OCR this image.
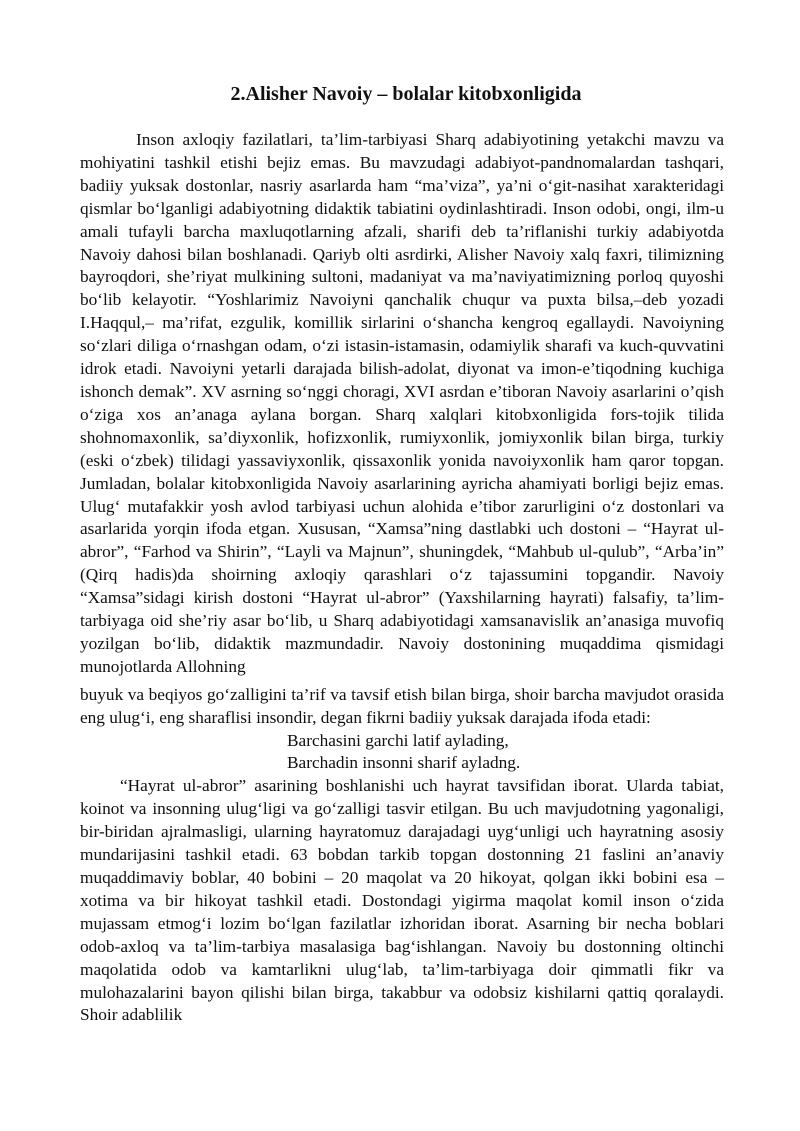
2.Alisher Navoiy – bolalar kitobxonligida

Inson axloqiy fazilatlari, ta’lim-tarbiyasi Sharq adabiyotining yetakchi mavzu va mohiyatini tashkil etishi bejiz emas. Bu mavzudagi adabiyot-pandnomalardan tashqari, badiiy yuksak dostonlar, nasriy asarlarda ham “ma’viza”, ya’ni o‘git-nasihat xarakteridagi qismlar bo‘lganligi adabiyotning didaktik tabiatini oydinlashtiradi. Inson odobi, ongi, ilm-u amali tufayli barcha maxluqotlarning afzali, sharifi deb ta’riflanishi turkiy adabiyotda Navoiy dahosi bilan boshlanadi. Qariyb olti asrdirki, Alisher Navoiy xalq faxri, tilimizning bayroqdori, she’riyat mulkining sultoni, madaniyat va ma’naviyatimizning porloq quyoshi bo‘lib kelayotir. “Yoshlarimiz Navoiyni qanchalik chuqur va puxta bilsa,–deb yozadi I.Haqqul,– ma’rifat, ezgulik, komillik sirlarini o‘shancha kengroq egallaydi. Navoiyning so‘zlari diliga o‘rnashgan odam, o‘zi istasin-istamasin, odamiylik sharafi va kuch-quvvatini idrok etadi. Navoiyni yetarli darajada bilish-adolat, diyonat va imon-e’tiqodning kuchiga ishonch demak”. XV asrning so‘nggi choragi, XVI asrdan e’tiboran Navoiy asarlarini o’qish o‘ziga xos an’anaga aylana borgan. Sharq xalqlari kitobxonligida fors-tojik tilida shohnomaxonlik, sa’diyxonlik, hofizxonlik, rumiyxonlik, jomiyxonlik bilan birga, turkiy (eski o‘zbek) tilidagi yassaviyxonlik, qissaxonlik yonida navoiyxonlik ham qaror topgan. Jumladan, bolalar kitobxonligida Navoiy asarlarining ayricha ahamiyati borligi bejiz emas. Ulug‘ mutafakkir yosh avlod tarbiyasi uchun alohida e’tibor zarurligini o‘z dostonlari va asarlarida yorqin ifoda etgan. Xususan, “Xamsa”ning dastlabki uch dostoni – “Hayrat ul-abror”, “Farhod va Shirin”, “Layli va Majnun”, shuningdek, “Mahbub ul-qulub”, “Arba’in” (Qirq hadis)da shoirning axloqiy qarashlari o‘z tajassumini topgandir. Navoiy “Xamsa”sidagi kirish dostoni “Hayrat ul-abror” (Yaxshilarning hayrati) falsafiy, ta’lim-tarbiyaga oid she’riy asar bo‘lib, u Sharq adabiyotidagi xamsanavislik an’anasiga muvofiq yozilgan bo‘lib, didaktik mazmundadir. Navoiy dostonining muqaddima qismidagi munojotlarda Allohning

buyuk va beqiyos go‘zalligini ta’rif va tavsif etish bilan birga, shoir barcha mavjudot orasida eng ulug‘i, eng sharaflisi insondir, degan fikrni badiiy yuksak darajada ifoda etadi:

Barchasini garchi latif aylading,

Barchadin insonni sharif ayladng.

“Hayrat ul-abror” asarining boshlanishi uch hayrat tavsifidan iborat. Ularda tabiat, koinot va insonning ulug‘ligi va go‘zalligi tasvir etilgan. Bu uch mavjudotning yagonaligi, bir-biridan ajralmasligi, ularning hayratomuz darajadagi uyg‘unligi uch hayratning asosiy mundarijasini tashkil etadi. 63 bobdan tarkib topgan dostonning 21 faslini an’anaviy muqaddimaviy boblar, 40 bobini – 20 maqolat va 20 hikoyat, qolgan ikki bobini esa – xotima va bir hikoyat tashkil etadi. Dostondagi yigirma maqolat komil inson o‘zida mujassam etmog‘i lozim bo‘lgan fazilatlar izhoridan iborat. Asarning bir necha boblari odob-axloq va ta’lim-tarbiya masalasiga bag‘ishlangan. Navoiy bu dostonning oltinchi maqolatida odob va kamtarlikni ulug‘lab, ta’lim-tarbiyaga doir qimmatli fikr va mulohazalarini bayon qilishi bilan birga, takabbur va odobsiz kishilarni qattiq qoralaydi. Shoir adablilik
